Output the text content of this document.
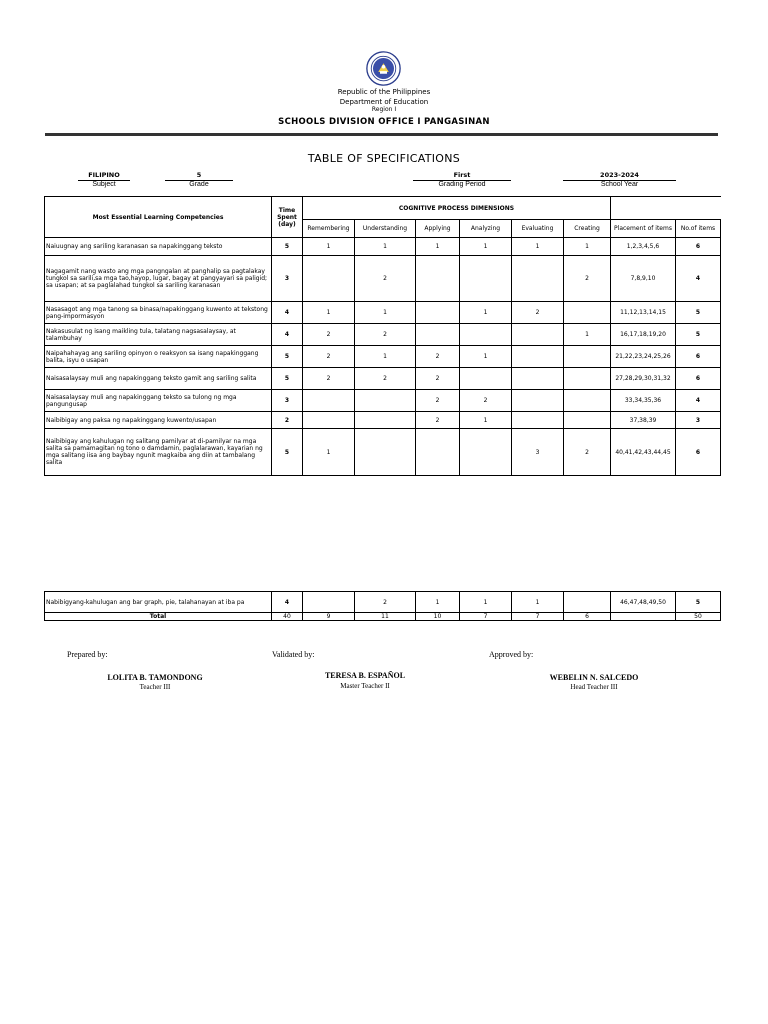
Republic of the Philippines
Department of Education
Region I
SCHOOLS DIVISION OFFICE I PANGASINAN
TABLE OF SPECIFICATIONS
FILIPINO
Subject
5
Grade
First
Grading Period
2023-2024
School Year
Most Essential Learning Competencies	Time Spent (day)	COGNITIVE PROCESS DIMENSIONS							
		Remembering	Understanding	Applying	Analyzing	Evaluating	Creating	Placement of items	No.of items
Naiuugnay ang sariling karanasan sa napakinggang teksto	5	1	1	1	1	1	1	1,2,3,4,5,6	6
Nagagamit nang wasto ang mga pangngalan at panghalip sa pagtalakay tungkol sa sarili,sa mga tao,hayop, lugar, bagay at pangyayari sa paligid; sa usapan; at sa paglalahad tungkol sa sariling karanasan	3		2				2	7,8,9,10	4
Nasasagot ang mga tanong sa binasa/napakinggang kuwento at tekstong pang-impormasyon	4	1	1		1	2		11,12,13,14,15	5
Nakasusulat ng isang maikling tula, talatang nagsasalaysay, at talambuhay	4	2	2				1	16,17,18,19,20	5
Naipahahayag ang sariling opinyon o reaksyon sa isang napakinggang balita, isyu o usapan	5	2	1	2	1			21,22,23,24,25,26	6
Naisasalaysay muli ang napakinggang teksto gamit ang sariling salita	5	2	2	2				27,28,29,30,31,32	6
Naisasalaysay muli ang napakinggang teksto sa tulong ng mga pangungusap	3			2	2			33,34,35,36	4
Naibibigay ang paksa ng napakinggang kuwento/usapan	2			2	1			37,38,39	3
Naibibigay ang kahulugan ng salitang pamilyar at di-pamilyar na mga salita sa pamamagitan ng tono o damdamin, paglalarawan, kayarian ng mga salitang iisa ang baybay ngunit magkaiba ang diin at tambalang salita	5	1				3	2	40,41,42,43,44,45	6
Nabibigyang-kahulugan ang bar graph, pie, talahanayan at iba pa	4		2	1	1	1		46,47,48,49,50	5
Total	40	9	11	10	7	7	6		50
Prepared by:	Validated by:	Approved by:
LOLITA B. TAMONDONG
Teacher III
TERESA B. ESPAÑOL
Master Teacher II
WEBELIN N. SALCEDO
Head Teacher III
